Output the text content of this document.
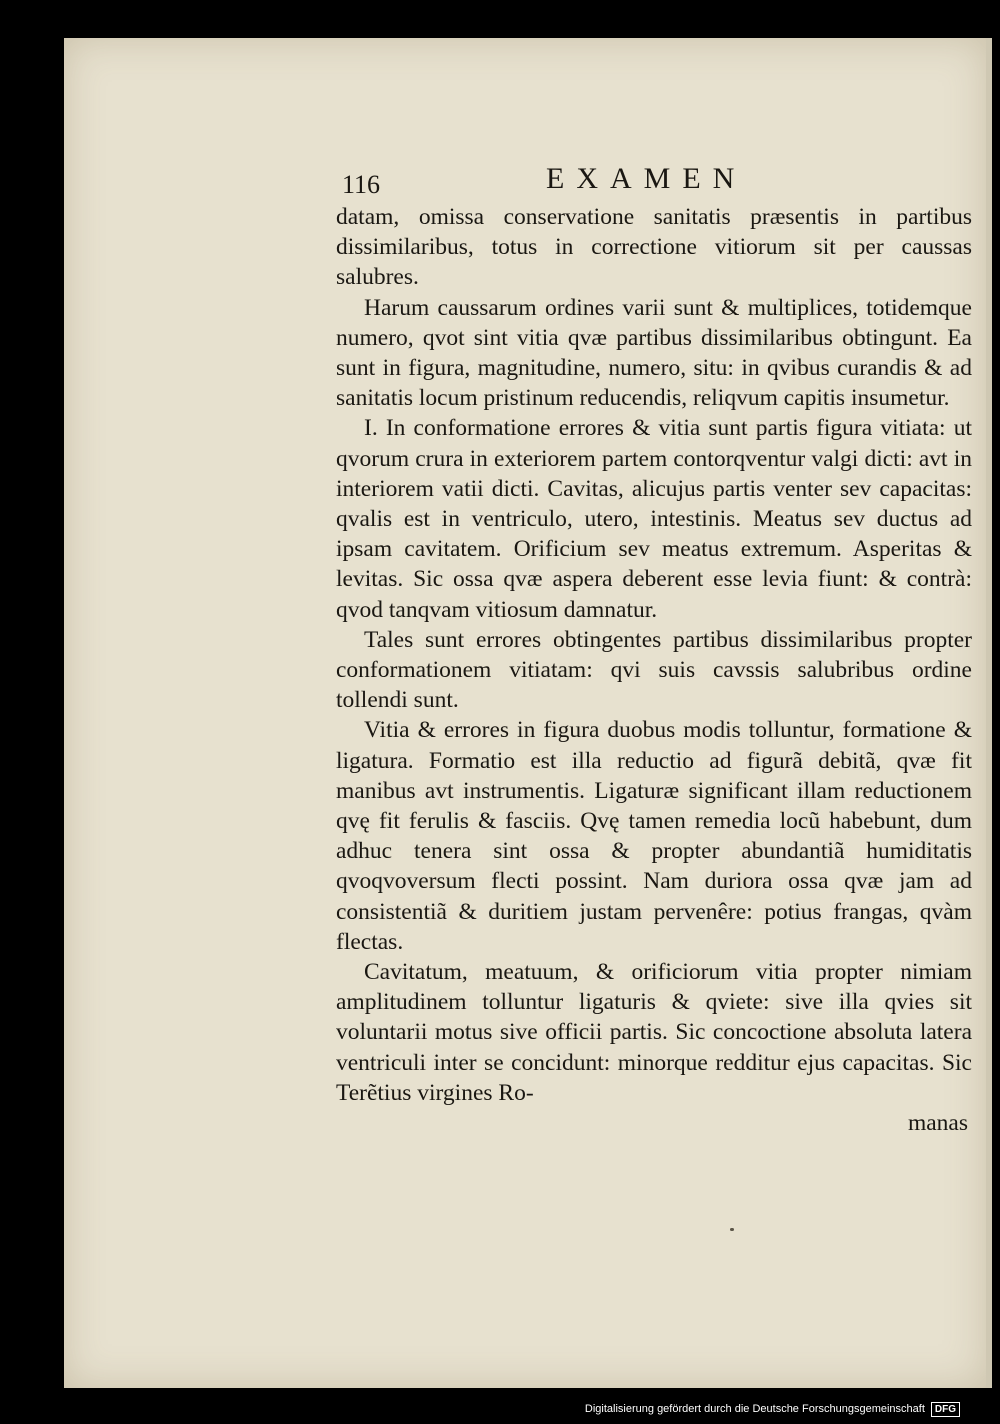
116	EXAMEN

datam, omissa conservatione sanitatis præsentis in partibus dissimilaribus, totus in correctione vitiorum sit per caussas salubres.

Harum caussarum ordines varii sunt & multiplices, totidemque numero, qvot sint vitia qvæ partibus dissimilaribus obtingunt. Ea sunt in figura, magnitudine, numero, situ: in qvibus curandis & ad sanitatis locum pristinum reducendis, reliqvum capitis insumetur.

I. In conformatione errores & vitia sunt partis figura vitiata: ut qvorum crura in exteriorem partem contorqventur valgi dicti: avt in interiorem vatii dicti. Cavitas, alicujus partis venter sev capacitas: qvalis est in ventriculo, utero, intestinis. Meatus sev ductus ad ipsam cavitatem. Orificium sev meatus extremum. Asperitas & levitas. Sic ossa qvæ aspera deberent esse levia fiunt: & contrà: qvod tanqvam vitiosum damnatur.

Tales sunt errores obtingentes partibus dissimilaribus propter conformationem vitiatam: qvi suis cavssis salubribus ordine tollendi sunt.

Vitia & errores in figura duobus modis tolluntur, formatione & ligatura. Formatio est illa reductio ad figurã debitã, qvæ fit manibus avt instrumentis. Ligaturæ significant illam reductionem qvę fit ferulis & fasciis. Qvę tamen remedia locũ habebunt, dum adhuc tenera sint ossa & propter abundantiã humiditatis qvoqvoversum flecti possint. Nam duriora ossa qvæ jam ad consistentiã & duritiem justam pervenêre: potius frangas, qvàm flectas.

Cavitatum, meatuum, & orificiorum vitia propter nimiam amplitudinem tolluntur ligaturis & qviete: sive illa qvies sit voluntarii motus sive officii partis. Sic concoctione absoluta latera ventriculi inter se concidunt: minorque redditur ejus capacitas. Sic Terẽtius virgines Ro-

manas
Digitalisierung gefördert durch die Deutsche Forschungsgemeinschaft	DFG
